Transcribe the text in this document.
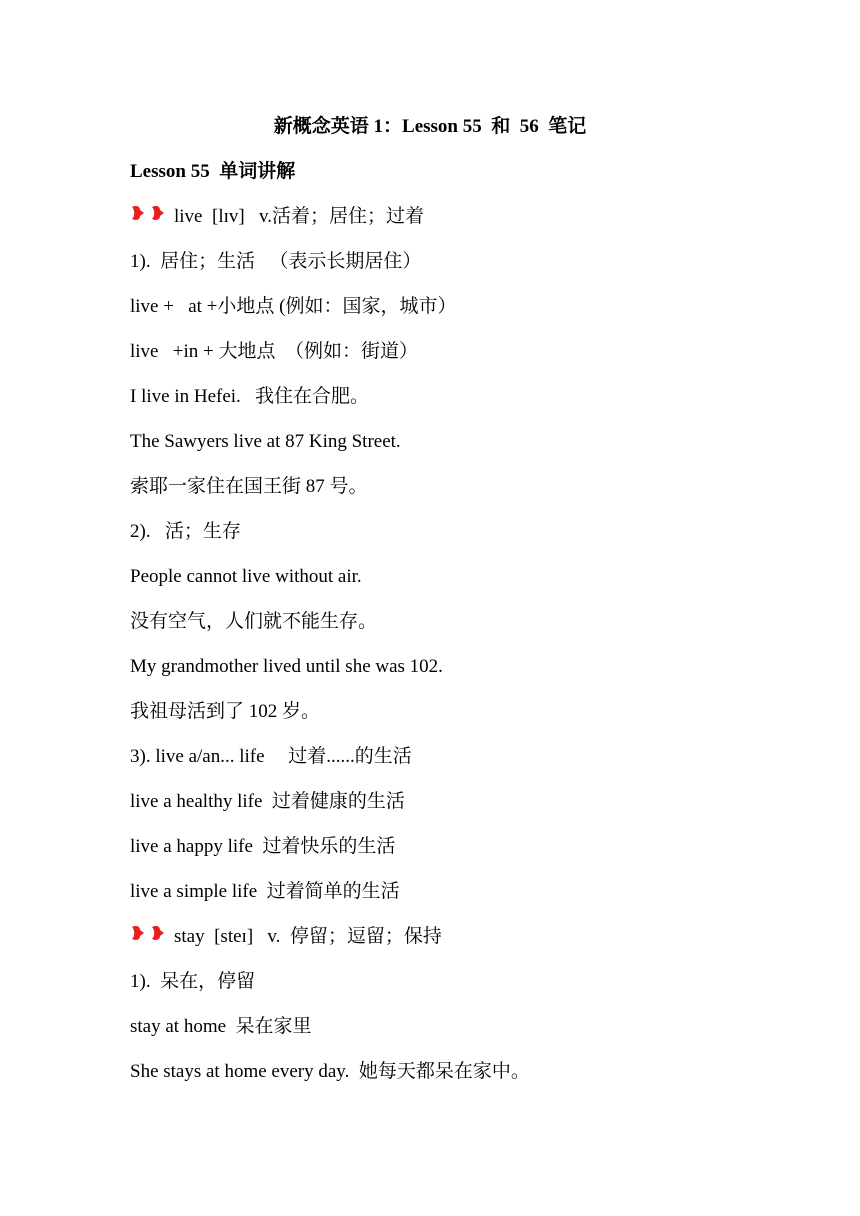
新概念英语 1：Lesson 55  和  56  笔记
Lesson 55  单词讲解
live  [lɪv]   v.活着；居住；过着
1).  居住；生活   （表示长期居住）
live +   at +小地点 (例如：国家，城市）
live   +in + 大地点  （例如：街道）
I live in Hefei.   我住在合肥。
The Sawyers live at 87 King Street.
索耶一家住在国王街 87 号。
2).   活；生存
People cannot live without air.
没有空气，人们就不能生存。
My grandmother lived until she was 102.
我祖母活到了 102 岁。
3). live a/an... life     过着......的生活
live a healthy life  过着健康的生活
live a happy life  过着快乐的生活
live a simple life  过着简单的生活
stay  [steɪ]   v.  停留；逗留；保持
1).  呆在，停留
stay at home  呆在家里
She stays at home every day.  她每天都呆在家中。
